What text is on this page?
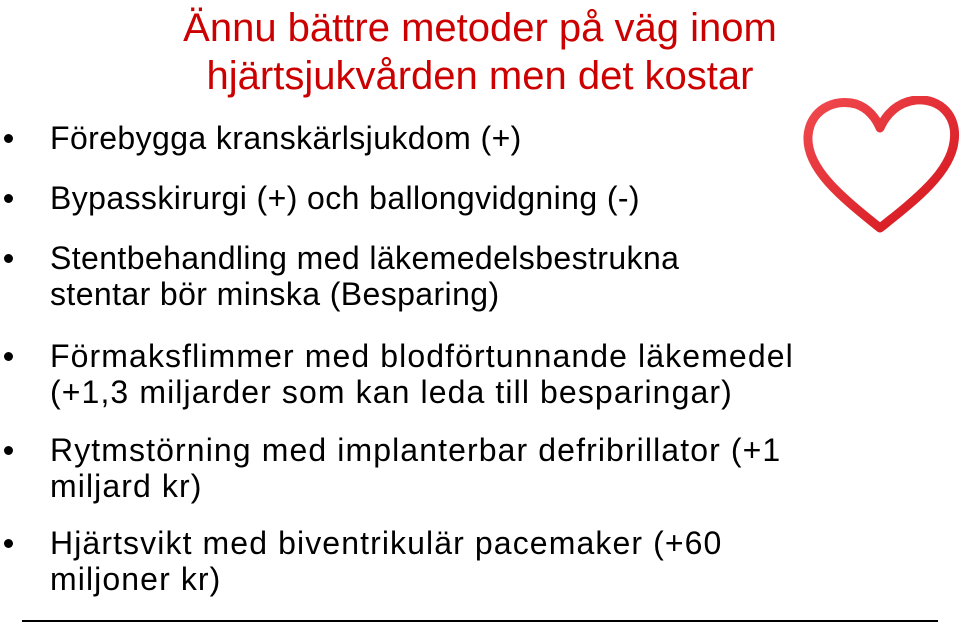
Ännu bättre metoder på väg inom
hjärtsjukvården men det kostar
Förebygga kranskärlsjukdom (+)
Bypasskirurgi (+) och ballongvidgning (-)
Stentbehandling med läkemedelsbestrukna
stentar bör minska (Besparing)
Förmaksflimmer med blodförtunnande läkemedel
(+1,3 miljarder som kan leda till besparingar)
Rytmstörning med implanterbar defribrillator (+1
miljard kr)
Hjärtsvikt med biventrikulär pacemaker (+60
miljoner kr)
